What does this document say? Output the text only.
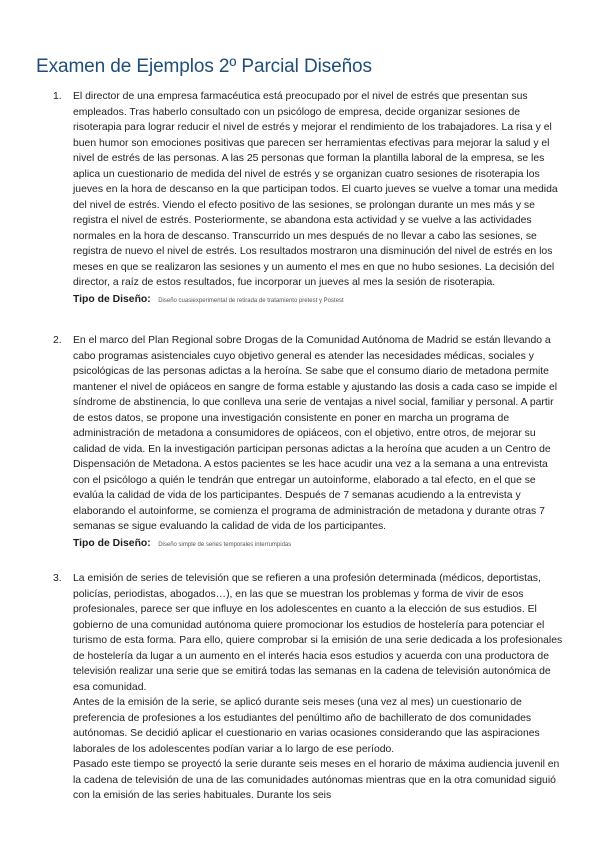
Examen de Ejemplos 2º Parcial Diseños
1. El director de una empresa farmacéutica está preocupado por el nivel de estrés que presentan sus empleados. Tras haberlo consultado con un psicólogo de empresa, decide organizar sesiones de risoterapia para lograr reducir el nivel de estrés y mejorar el rendimiento de los trabajadores. La risa y el buen humor son emociones positivas que parecen ser herramientas efectivas para mejorar la salud y el nivel de estrés de las personas. A las 25 personas que forman la plantilla laboral de la empresa, se les aplica un cuestionario de medida del nivel de estrés y se organizan cuatro sesiones de risoterapia los jueves en la hora de descanso en la que participan todos. El cuarto jueves se vuelve a tomar una medida del nivel de estrés. Viendo el efecto positivo de las sesiones, se prolongan durante un mes más y se registra el nivel de estrés. Posteriormente, se abandona esta actividad y se vuelve a las actividades normales en la hora de descanso. Transcurrido un mes después de no llevar a cabo las sesiones, se registra de nuevo el nivel de estrés. Los resultados mostraron una disminución del nivel de estrés en los meses en que se realizaron las sesiones y un aumento el mes en que no hubo sesiones. La decisión del director, a raíz de estos resultados, fue incorporar un jueves al mes la sesión de risoterapia.

Tipo de Diseño: Diseño cuasiexperimental de retirada de tratamiento pretest y Postest
2. En el marco del Plan Regional sobre Drogas de la Comunidad Autónoma de Madrid se están llevando a cabo programas asistenciales cuyo objetivo general es atender las necesidades médicas, sociales y psicológicas de las personas adictas a la heroína. Se sabe que el consumo diario de metadona permite mantener el nivel de opiáceos en sangre de forma estable y ajustando las dosis a cada caso se impide el síndrome de abstinencia, lo que conlleva una serie de ventajas a nivel social, familiar y personal. A partir de estos datos, se propone una investigación consistente en poner en marcha un programa de administración de metadona a consumidores de opiáceos, con el objetivo, entre otros, de mejorar su calidad de vida. En la investigación participan personas adictas a la heroína que acuden a un Centro de Dispensación de Metadona. A estos pacientes se les hace acudir una vez a la semana a una entrevista con el psicólogo a quién le tendrán que entregar un autoinforme, elaborado a tal efecto, en el que se evalúa la calidad de vida de los participantes. Después de 7 semanas acudiendo a la entrevista y elaborando el autoinforme, se comienza el programa de administración de metadona y durante otras 7 semanas se sigue evaluando la calidad de vida de los participantes.

Tipo de Diseño: Diseño simple de series temporales interrumpidas
3. La emisión de series de televisión que se refieren a una profesión determinada (médicos, deportistas, policías, periodistas, abogados…), en las que se muestran los problemas y forma de vivir de esos profesionales, parece ser que influye en los adolescentes en cuanto a la elección de sus estudios. El gobierno de una comunidad autónoma quiere promocionar los estudios de hostelería para potenciar el turismo de esta forma. Para ello, quiere comprobar si la emisión de una serie dedicada a los profesionales de hostelería da lugar a un aumento en el interés hacia esos estudios y acuerda con una productora de televisión realizar una serie que se emitirá todas las semanas en la cadena de televisión autonómica de esa comunidad.

Antes de la emisión de la serie, se aplicó durante seis meses (una vez al mes) un cuestionario de preferencia de profesiones a los estudiantes del penúltimo año de bachillerato de dos comunidades autónomas. Se decidió aplicar el cuestionario en varias ocasiones considerando que las aspiraciones laborales de los adolescentes podían variar a lo largo de ese período.

Pasado este tiempo se proyectó la serie durante seis meses en el horario de máxima audiencia juvenil en la cadena de televisión de una de las comunidades autónomas mientras que en la otra comunidad siguió con la emisión de las series habituales. Durante los seis
